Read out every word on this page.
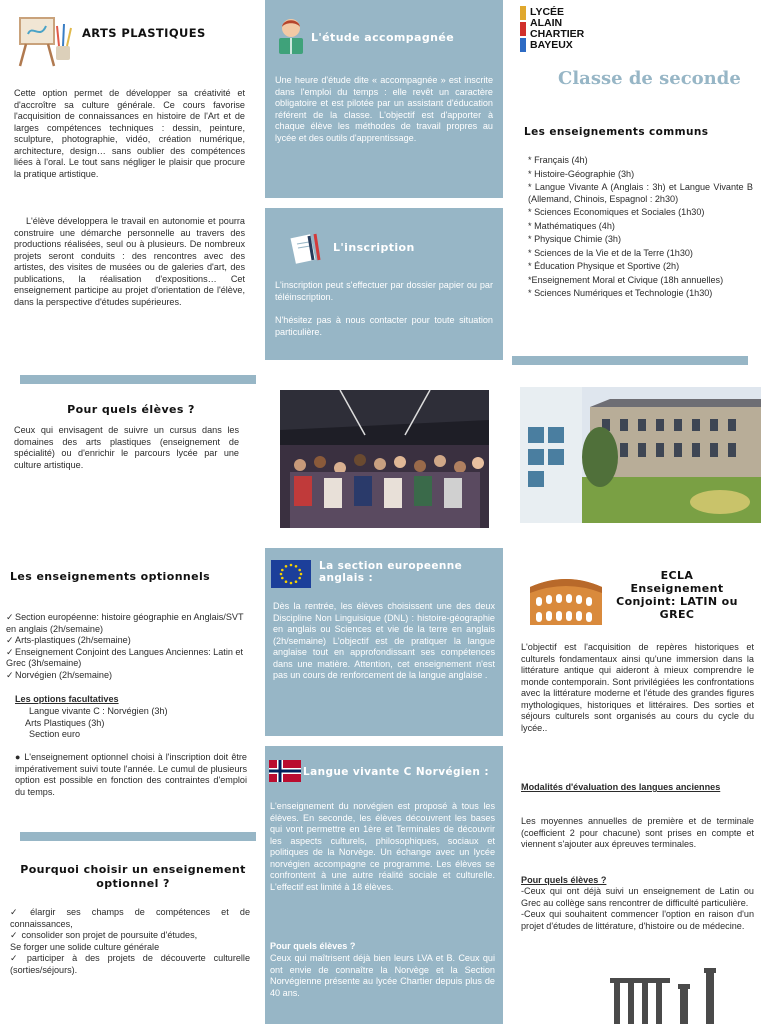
ARTS PLASTIQUES
Cette option permet de développer sa créativité et d'accroître sa culture générale. Ce cours favorise l'acquisition de connaissances en histoire de l'Art et de larges compétences techniques : dessin, peinture, sculpture, photographie, vidéo, création numérique, architecture, design… sans oublier des compétences liées à l'oral. Le tout sans négliger le plaisir que procure la pratique artistique.
L'élève développera le travail en autonomie et pourra construire une démarche personnelle au travers des productions réalisées, seul ou à plusieurs. De nombreux projets seront conduits : des rencontres avec des artistes, des visites de musées ou de galeries d'art, des publications, la réalisation d'expositions… Cet enseignement participe au projet d'orientation de l'élève, dans la perspective d'études supérieures.
Pour quels élèves ?
Ceux qui envisagent de suivre un cursus dans les domaines des arts plastiques (enseignement de spécialité) ou d'enrichir le parcours lycée par une culture artistique.
Les enseignements optionnels
✓Section européenne: histoire géographie en Anglais/SVT en anglais (2h/semaine)
✓Arts-plastiques (2h/semaine)
✓Enseignement Conjoint des Langues Anciennes: Latin et Grec (3h/semaine)
✓Norvégien (2h/semaine)
Les options facultatives
Langue vivante C : Norvégien (3h)
Arts Plastiques (3h)
Section euro
● L'enseignement optionnel choisi à l'inscription doit être impérativement suivi toute l'année. Le cumul de plusieurs option est possible en fonction des contraintes d'emploi du temps.
Pourquoi choisir un enseignement optionnel ?
✓ élargir ses champs de compétences et de connaissances,
✓ consolider son projet de poursuite d'études,
Se forger une solide culture générale
✓ participer à des projets de découverte culturelle (sorties/séjours).
L'étude accompagnée
Une heure d'étude dite « accompagnée » est inscrite dans l'emploi du temps : elle revêt un caractère obligatoire et est pilotée par un assistant d'éducation référent de la classe. L'objectif est d'apporter à chaque élève les méthodes de travail propres au lycée et des outils d'apprentissage.
L'inscription
L'inscription peut s'effectuer par dossier papier ou par téléinscription.
N'hésitez pas à nous contacter pour toute situation particulière.
La section europeenne anglais :
Dès la rentrée, les élèves choisissent une des deux Discipline Non Linguisique (DNL) : histoire-géographie en anglais ou Sciences et vie de la terre en anglais (2h/semaine) L'objectif est de pratiquer la langue anglaise tout en approfondissant ses compétences dans une matière. Attention, cet enseignement n'est pas un cours de renforcement de la langue anglaise .
Langue vivante C Norvégien :
L'enseignement du norvégien est proposé à tous les élèves. En seconde, les élèves découvrent les bases qui vont permettre en 1ère et Terminales de découvrir les aspects culturels, philosophiques, sociaux et politiques de la Norvège. Un échange avec un lycée norvégien accompagne ce programme. Les élèves se confrontent à une autre réalité sociale et culturelle. L'effectif est limité à 18 élèves.
Pour quels élèves ?
Ceux qui maîtrisent déjà bien leurs LVA et B. Ceux qui ont envie de connaître la Norvège et la Section Norvégienne présente au lycée Chartier depuis plus de 40 ans.
LYCÉE
ALAIN
CHARTIER
BAYEUX
Classe de seconde
Les enseignements communs
* Français (4h)
* Histoire-Géographie (3h)
* Langue Vivante A (Anglais : 3h) et Langue Vivante B (Allemand, Chinois, Espagnol : 2h30)
* Sciences Economiques et Sociales (1h30)
* Mathématiques (4h)
* Physique Chimie (3h)
* Sciences de la Vie et de la Terre (1h30)
* Éducation Physique et Sportive (2h)
*Enseignement Moral et Civique (18h annuelles)
* Sciences Numériques et Technologie (1h30)
ECLA Enseignement Conjoint: LATIN ou GREC
L'objectif est l'acquisition de repères historiques et culturels fondamentaux ainsi qu'une immersion dans la littérature antique qui aideront à mieux comprendre le monde contemporain. Sont privilégiées les confrontations avec la littérature moderne et l'étude des grandes figures mythologiques, historiques et littéraires. Des sorties et séjours culturels sont organisés au cours du cycle du lycée..
Modalités d'évaluation des langues anciennes
Les moyennes annuelles de première et de terminale (coefficient 2 pour chacune) sont prises en compte et viennent s'ajouter aux épreuves terminales.
Pour quels élèves ?
-Ceux qui ont déjà suivi un enseignement de Latin ou Grec au collège sans rencontrer de difficulté particulière.
-Ceux qui souhaitent commencer l'option en raison d'un projet d'études de littérature, d'histoire ou de médecine.
